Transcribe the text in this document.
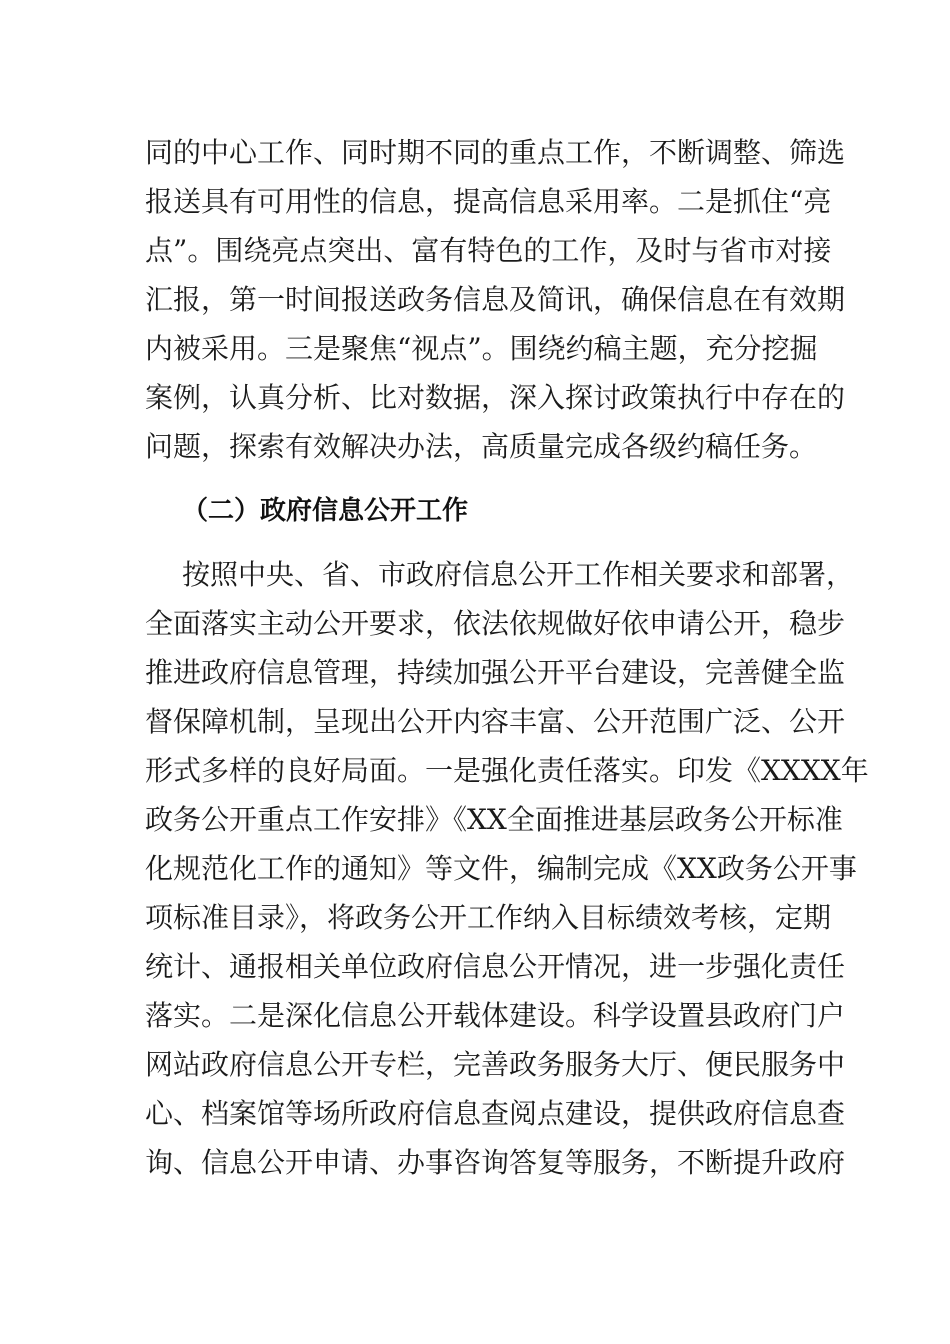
同的中心工作、同时期不同的重点工作，不断调整、筛选
报送具有可用性的信息，提高信息采用率。二是抓住“亮
点”。围绕亮点突出、富有特色的工作，及时与省市对接
汇报，第一时间报送政务信息及简讯，确保信息在有效期
内被采用。三是聚焦“视点”。围绕约稿主题，充分挖掘
案例，认真分析、比对数据，深入探讨政策执行中存在的
问题，探索有效解决办法，高质量完成各级约稿任务。
（二）政府信息公开工作
按照中央、省、市政府信息公开工作相关要求和部署，
全面落实主动公开要求，依法依规做好依申请公开，稳步
推进政府信息管理，持续加强公开平台建设，完善健全监
督保障机制，呈现出公开内容丰富、公开范围广泛、公开
形式多样的良好局面。一是强化责任落实。印发《XXXX年
政务公开重点工作安排》《XX全面推进基层政务公开标准
化规范化工作的通知》等文件，编制完成《XX政务公开事
项标准目录》，将政务公开工作纳入目标绩效考核，定期
统计、通报相关单位政府信息公开情况，进一步强化责任
落实。二是深化信息公开载体建设。科学设置县政府门户
网站政府信息公开专栏，完善政务服务大厅、便民服务中
心、档案馆等场所政府信息查阅点建设，提供政府信息查
询、信息公开申请、办事咨询答复等服务，不断提升政府
